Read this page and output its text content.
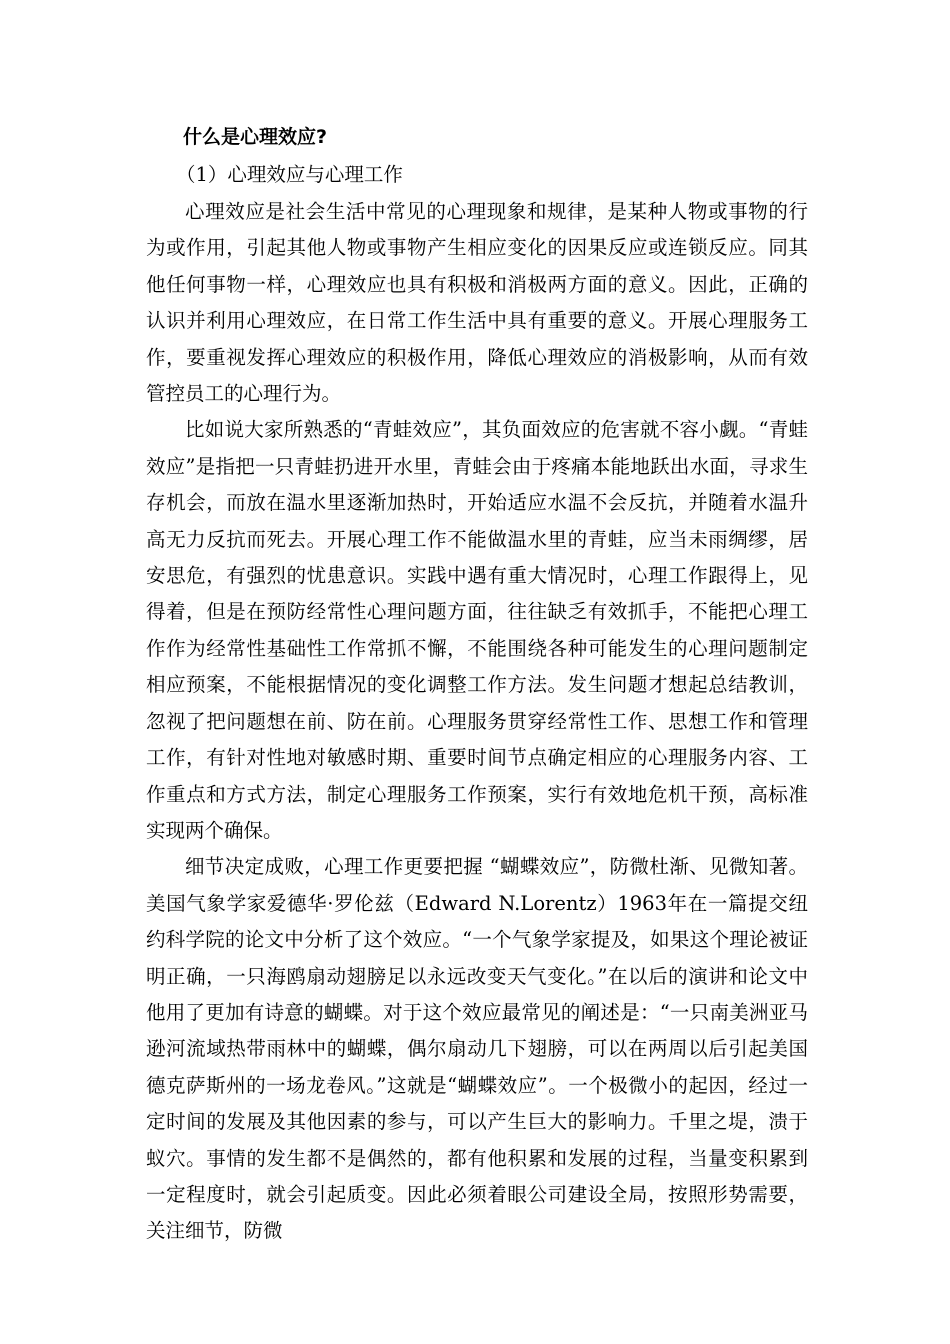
什么是心理效应?

（1）心理效应与心理工作

心理效应是社会生活中常见的心理现象和规律，是某种人物或事物的行为或作用，引起其他人物或事物产生相应变化的因果反应或连锁反应。同其他任何事物一样，心理效应也具有积极和消极两方面的意义。因此，正确的认识并利用心理效应，在日常工作生活中具有重要的意义。开展心理服务工作，要重视发挥心理效应的积极作用，降低心理效应的消极影响，从而有效管控员工的心理行为。

比如说大家所熟悉的“青蛙效应”，其负面效应的危害就不容小觑。“青蛙效应”是指把一只青蛙扔进开水里，青蛙会由于疼痛本能地跃出水面，寻求生存机会，而放在温水里逐渐加热时，开始适应水温不会反抗，并随着水温升高无力反抗而死去。开展心理工作不能做温水里的青蛙，应当未雨绸缪，居安思危，有强烈的忧患意识。实践中遇有重大情况时，心理工作跟得上，见得着，但是在预防经常性心理问题方面，往往缺乏有效抓手，不能把心理工作作为经常性基础性工作常抓不懈，不能围绕各种可能发生的心理问题制定相应预案，不能根据情况的变化调整工作方法。发生问题才想起总结教训，忽视了把问题想在前、防在前。心理服务贯穿经常性工作、思想工作和管理工作，有针对性地对敏感时期、重要时间节点确定相应的心理服务内容、工作重点和方式方法，制定心理服务工作预案，实行有效地危机干预，高标准实现两个确保。

细节决定成败，心理工作更要把握 “蝴蝶效应”，防微杜渐、见微知著。美国气象学家爱德华·罗伦兹（Edward N.Lorentz）1963年在一篇提交纽约科学院的论文中分析了这个效应。“一个气象学家提及，如果这个理论被证明正确，一只海鸥扇动翅膀足以永远改变天气变化。”在以后的演讲和论文中他用了更加有诗意的蝴蝶。对于这个效应最常见的阐述是：“一只南美洲亚马逊河流域热带雨林中的蝴蝶，偶尔扇动几下翅膀，可以在两周以后引起美国德克萨斯州的一场龙卷风。”这就是“蝴蝶效应”。一个极微小的起因，经过一定时间的发展及其他因素的参与，可以产生巨大的影响力。千里之堤，溃于蚁穴。事情的发生都不是偶然的，都有他积累和发展的过程，当量变积累到一定程度时，就会引起质变。因此必须着眼公司建设全局，按照形势需要，关注细节，防微
